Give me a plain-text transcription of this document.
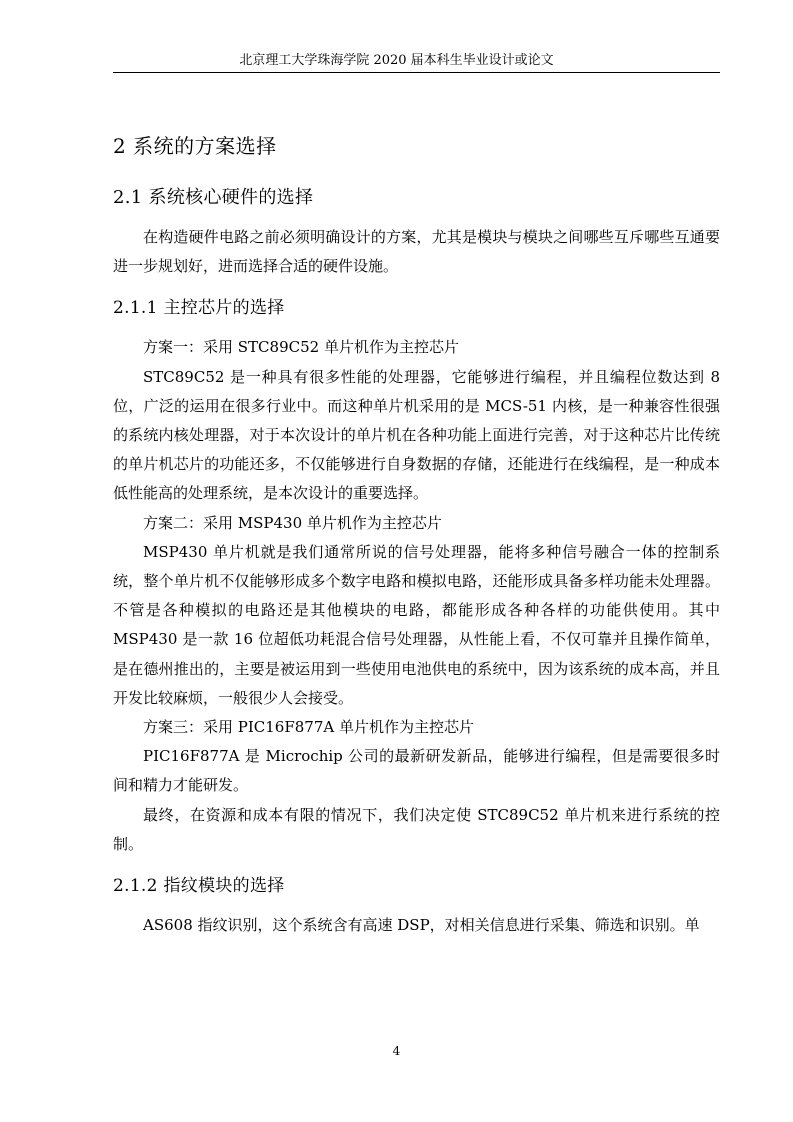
北京理工大学珠海学院 2020 届本科生毕业设计或论文
2 系统的方案选择
2.1 系统核心硬件的选择

在构造硬件电路之前必须明确设计的方案，尤其是模块与模块之间哪些互斥哪些互通要进一步规划好，进而选择合适的硬件设施。

2.1.1 主控芯片的选择

方案一：采用 STC89C52 单片机作为主控芯片

STC89C52 是一种具有很多性能的处理器，它能够进行编程，并且编程位数达到 8 位，广泛的运用在很多行业中。而这种单片机采用的是 MCS-51 内核，是一种兼容性很强的系统内核处理器，对于本次设计的单片机在各种功能上面进行完善，对于这种芯片比传统的单片机芯片的功能还多，不仅能够进行自身数据的存储，还能进行在线编程，是一种成本低性能高的处理系统，是本次设计的重要选择。

方案二：采用 MSP430 单片机作为主控芯片

MSP430 单片机就是我们通常所说的信号处理器，能将多种信号融合一体的控制系统，整个单片机不仅能够形成多个数字电路和模拟电路，还能形成具备多样功能未处理器。不管是各种模拟的电路还是其他模块的电路，都能形成各种各样的功能供使用。其中 MSP430 是一款 16 位超低功耗混合信号处理器，从性能上看，不仅可靠并且操作简单，是在德州推出的，主要是被运用到一些使用电池供电的系统中，因为该系统的成本高，并且开发比较麻烦，一般很少人会接受。

方案三：采用 PIC16F877A 单片机作为主控芯片

PIC16F877A 是 Microchip 公司的最新研发新品，能够进行编程，但是需要很多时间和精力才能研发。

最终，在资源和成本有限的情况下，我们决定使 STC89C52 单片机来进行系统的控制。

2.1.2 指纹模块的选择

AS608 指纹识别，这个系统含有高速 DSP，对相关信息进行采集、筛选和识别。单

4
